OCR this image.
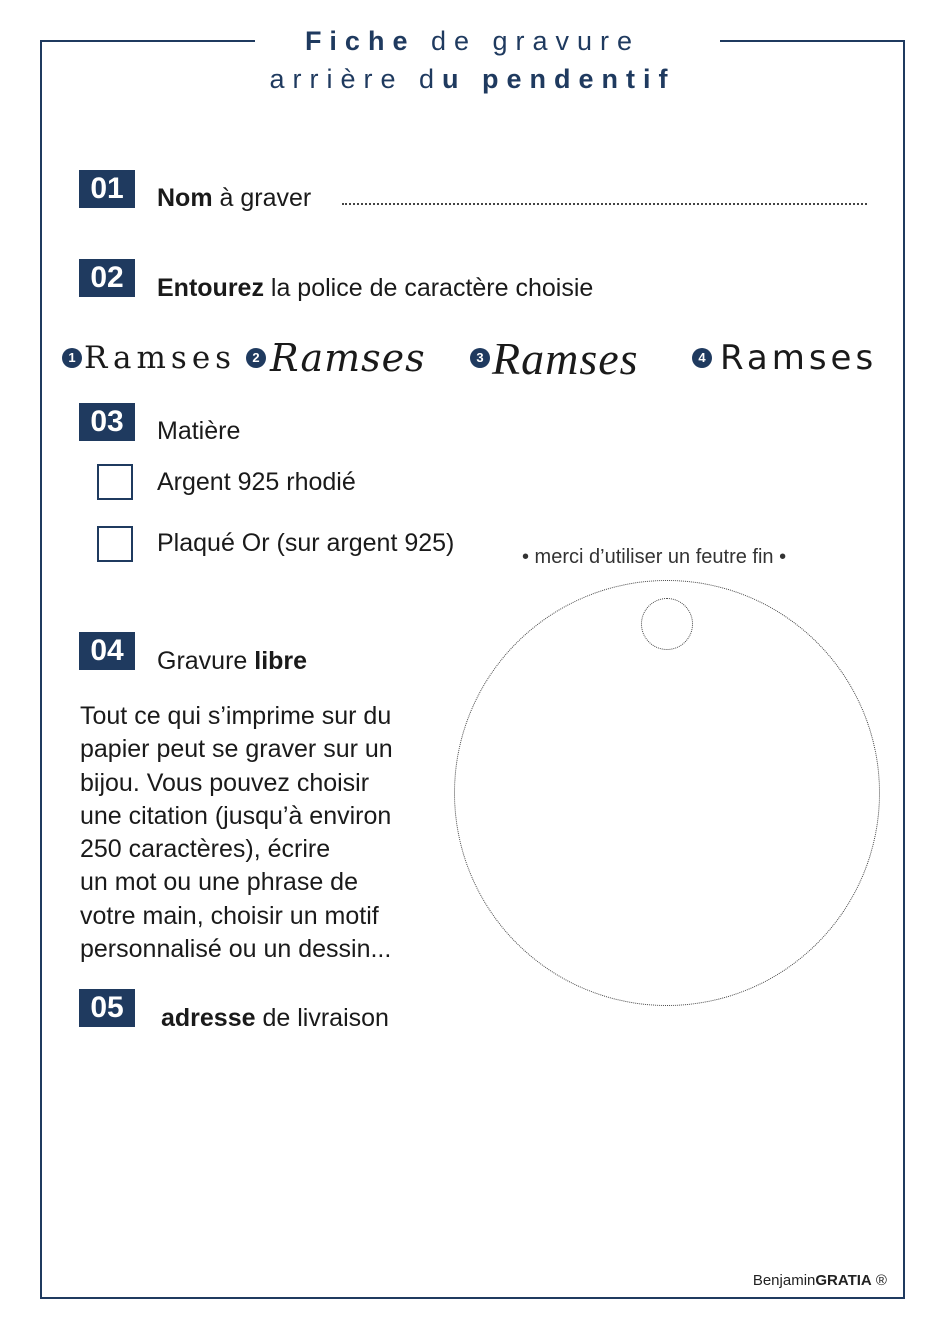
Fiche de gravure
arrière du pendentif
01	Nom à graver
02	Entourez la police de caractère choisie
1 Ramses	2 Ramses	3 Ramses	4 Ramses
03	Matière
Argent 925 rhodié
Plaqué Or (sur argent 925)	• merci d’utiliser un feutre fin •
04	Gravure libre
Tout ce qui s’imprime sur du
papier peut se graver sur un
bijou. Vous pouvez choisir
une citation (jusqu’à environ
250 caractères), écrire
un mot ou une phrase de
votre main, choisir un motif
personnalisé ou un dessin...
05	adresse de livraison
BenjaminGRATIA ®
